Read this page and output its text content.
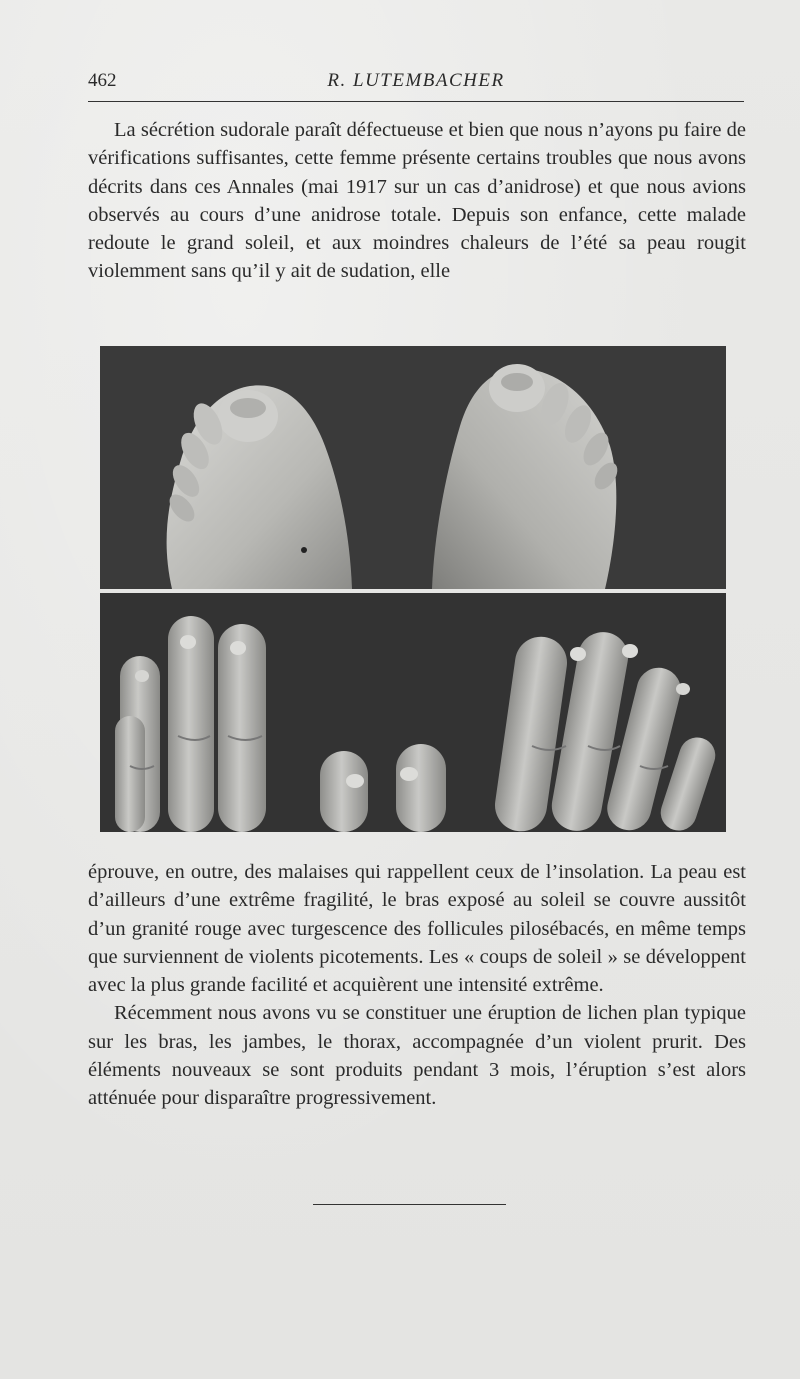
462	R. LUTEMBACHER

La sécrétion sudorale paraît défectueuse et bien que nous n’ayons pu faire de vérifications suffisantes, cette femme présente certains troubles que nous avons décrits dans ces Annales (mai 1917 sur un cas d’anidrose) et que nous avions observés au cours d’une anidrose totale. Depuis son enfance, cette malade redoute le grand soleil, et aux moindres chaleurs de l’été sa peau rougit violemment sans qu’il y ait de sudation, elle

éprouve, en outre, des malaises qui rappellent ceux de l’insolation. La peau est d’ailleurs d’une extrême fragilité, le bras exposé au soleil se couvre aussitôt d’un granité rouge avec turgescence des follicules pilosébacés, en même temps que surviennent de violents picotements. Les « coups de soleil » se développent avec la plus grande facilité et acquièrent une intensité extrême.

Récemment nous avons vu se constituer une éruption de lichen plan typique sur les bras, les jambes, le thorax, accompagnée d’un violent prurit. Des éléments nouveaux se sont produits pendant 3 mois, l’éruption s’est alors atténuée pour disparaître progressivement.
